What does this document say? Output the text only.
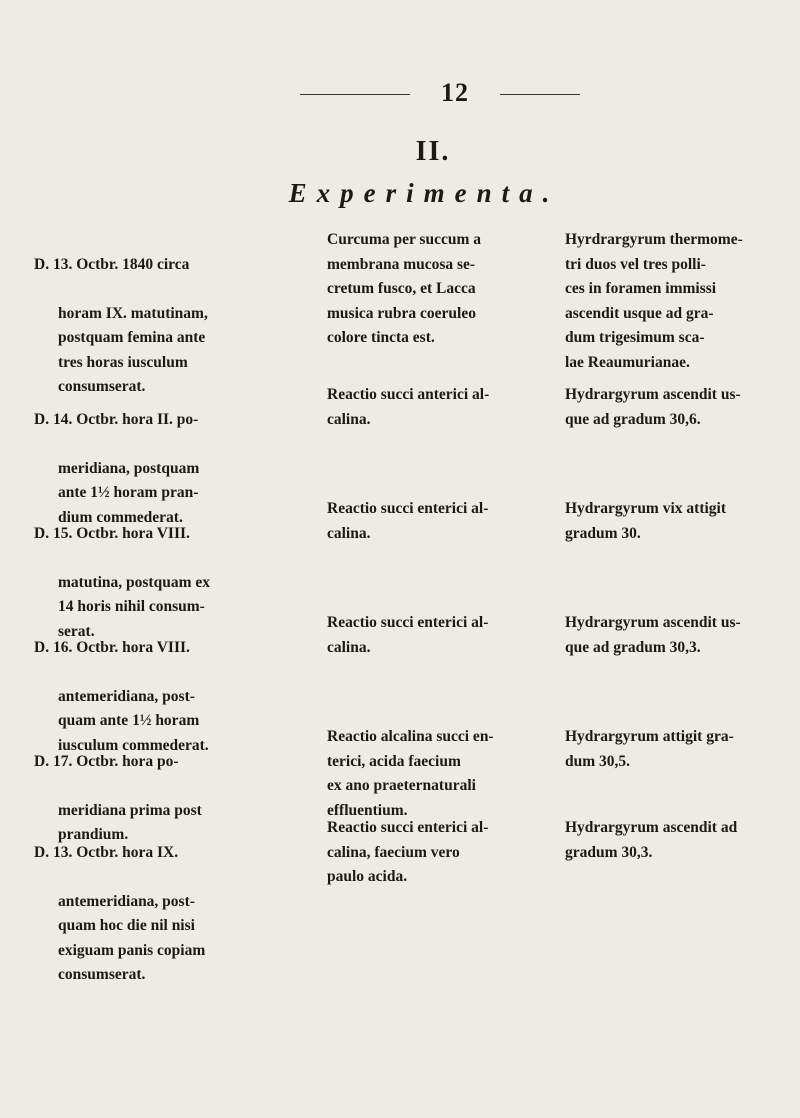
12
II.
Experimenta.

D. 13. Octbr. 1840 circa

horam IX. matutinam,
postquam femina ante
tres horas iusculum
consumserat.

Curcuma per succum a
membrana mucosa se-
cretum fusco, et Lacca
musica rubra coeruleo
colore tincta est.
Hyrdrargyrum thermome-
tri duos vel tres polli-
ces in foramen immissi
ascendit usque ad gra-
dum trigesimum sca-
lae Reaumurianae.

D. 14. Octbr. hora II. po-

meridiana, postquam
ante 1½ horam pran-
dium commederat.

Reactio succi anterici al-
calina.
Hydrargyrum ascendit us-
que ad gradum 30,6.

D. 15. Octbr. hora VIII.

matutina, postquam ex
14 horis nihil consum-
serat.

Reactio succi enterici al-
calina.
Hydrargyrum vix attigit
gradum 30.

D. 16. Octbr. hora VIII.

antemeridiana, post-
quam ante 1½ horam
iusculum commederat.

Reactio succi enterici al-
calina.
Hydrargyrum ascendit us-
que ad gradum 30,3.

D. 17. Octbr. hora po-

meridiana prima post
prandium.

Reactio alcalina succi en-
terici, acida faecium
ex ano praeternaturali
effluentium.
Hydrargyrum attigit gra-
dum 30,5.

D. 13. Octbr. hora IX.

antemeridiana, post-
quam hoc die nil nisi
exiguam panis copiam
consumserat.

Reactio succi enterici al-
calina, faecium vero
paulo acida.
Hydrargyrum ascendit ad
gradum 30,3.
